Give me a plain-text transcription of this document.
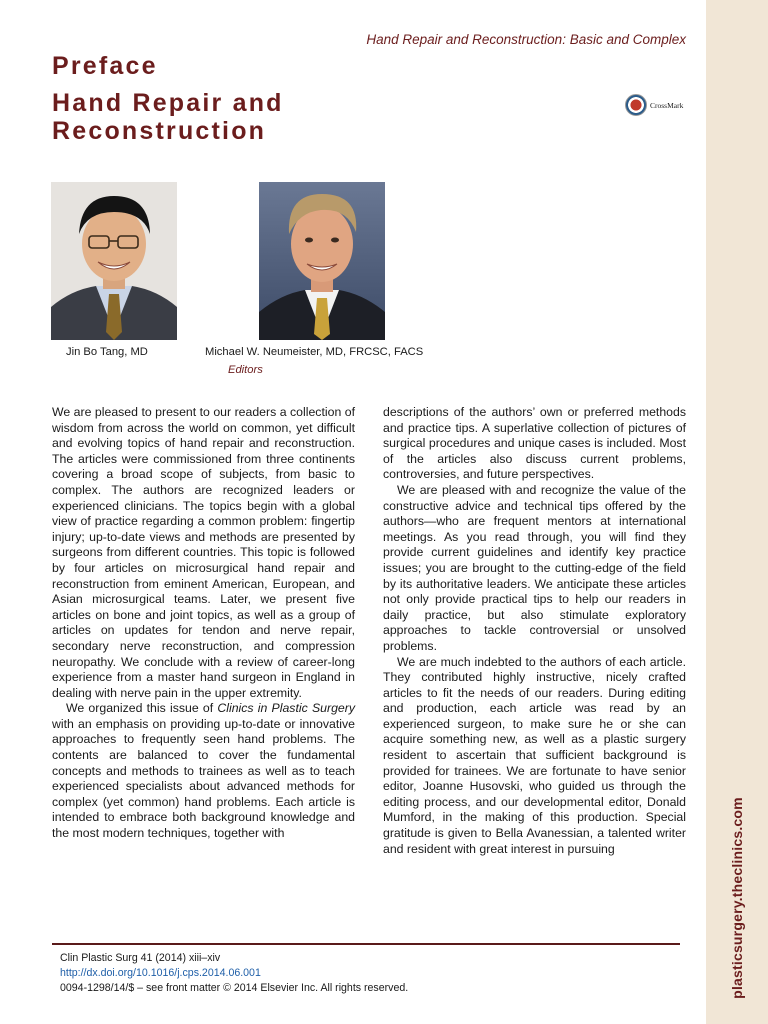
plasticsurgery.theclinics.com
Hand Repair and Reconstruction: Basic and Complex
Preface
Hand Repair and
Reconstruction
CrossMark
Jin Bo Tang, MD	Michael W. Neumeister, MD, FRCSC, FACS
Editors

We are pleased to present to our readers a collection of wisdom from across the world on common, yet difficult and evolving topics of hand repair and reconstruction. The articles were commissioned from three continents covering a broad scope of subjects, from basic to complex. The authors are recognized leaders or experienced clinicians. The topics begin with a global view of practice regarding a common problem: fingertip injury; up-to-date views and methods are presented by surgeons from different countries. This topic is followed by four articles on microsurgical hand repair and reconstruction from eminent American, European, and Asian microsurgical teams. Later, we present five articles on bone and joint topics, as well as a group of articles on updates for tendon and nerve repair, secondary nerve reconstruction, and compression neuropathy. We conclude with a review of career-long experience from a master hand surgeon in England in dealing with nerve pain in the upper extremity.

We organized this issue of Clinics in Plastic Surgery with an emphasis on providing up-to-date or innovative approaches to frequently seen hand problems. The contents are balanced to cover the fundamental concepts and methods to trainees as well as to teach experienced specialists about advanced methods for complex (yet common) hand problems. Each article is intended to embrace both background knowledge and the most modern techniques, together with

descriptions of the authors’ own or preferred methods and practice tips. A superlative collection of pictures of surgical procedures and unique cases is included. Most of the articles also discuss current problems, controversies, and future perspectives.

We are pleased with and recognize the value of the constructive advice and technical tips offered by the authors—who are frequent mentors at international meetings. As you read through, you will find they provide current guidelines and identify key practice issues; you are brought to the cutting-edge of the field by its authoritative leaders. We anticipate these articles not only provide practical tips to help our readers in daily practice, but also stimulate exploratory approaches to tackle controversial or unsolved problems.

We are much indebted to the authors of each article. They contributed highly instructive, nicely crafted articles to fit the needs of our readers. During editing and production, each article was read by an experienced surgeon, to make sure he or she can acquire something new, as well as a plastic surgery resident to ascertain that sufficient background is provided for trainees. We are fortunate to have senior editor, Joanne Husovski, who guided us through the editing process, and our developmental editor, Donald Mumford, in the making of this production. Special gratitude is given to Bella Avanessian, a talented writer and resident with great interest in pursuing

Clin Plastic Surg 41 (2014) xiii–xiv
http://dx.doi.org/10.1016/j.cps.2014.06.001
0094-1298/14/$ – see front matter © 2014 Elsevier Inc. All rights reserved.
